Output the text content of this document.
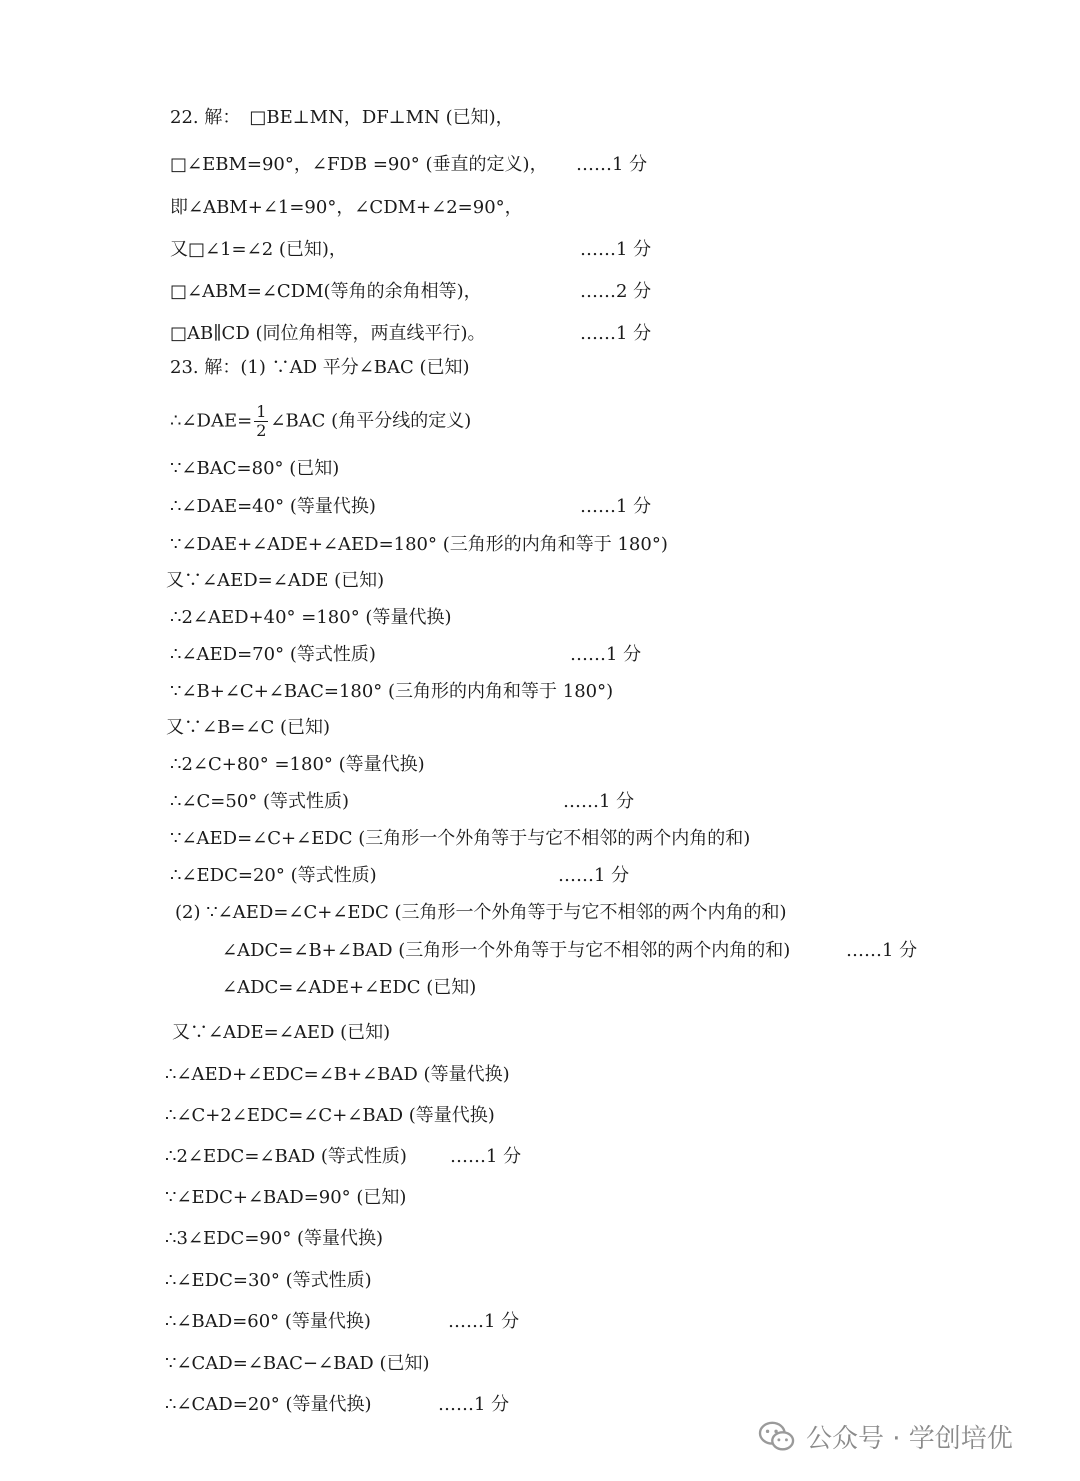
22. 解：　□BE⊥MN，DF⊥MN (已知)，
□∠EBM=90°，∠FDB =90° (垂直的定义)， ……1 分
即∠ABM+∠1=90°，∠CDM+∠2=90°，
又□∠1=∠2 (已知)，	……1 分
□∠ABM=∠CDM(等角的余角相等)，	……2 分
□AB∥CD (同位角相等，两直线平行)。	……1 分
23. 解：(1) ∵AD 平分∠BAC (已知)
∴∠DAE= $\frac{1}{2}$ ∠BAC (角平分线的定义)
∵∠BAC=80° (已知)
∴∠DAE=40° (等量代换)	……1 分
∵∠DAE+∠ADE+∠AED=180° (三角形的内角和等于 180°)
又∵∠AED=∠ADE (已知)
∴2∠AED+40° =180° (等量代换)
∴∠AED=70° (等式性质)	……1 分
∵∠B+∠C+∠BAC=180° (三角形的内角和等于 180°)
又∵∠B=∠C (已知)
∴2∠C+80° =180° (等量代换)
∴∠C=50° (等式性质)	……1 分
∵∠AED=∠C+∠EDC (三角形一个外角等于与它不相邻的两个内角的和)
∴∠EDC=20° (等式性质)	……1 分
(2) ∵∠AED=∠C+∠EDC (三角形一个外角等于与它不相邻的两个内角的和)
∠ADC=∠B+∠BAD (三角形一个外角等于与它不相邻的两个内角的和)	……1 分
∠ADC=∠ADE+∠EDC (已知)
又∵∠ADE=∠AED (已知)
∴∠AED+∠EDC=∠B+∠BAD (等量代换)
∴∠C+2∠EDC=∠C+∠BAD (等量代换)
∴2∠EDC=∠BAD (等式性质) ……1 分
∵∠EDC+∠BAD=90° (已知)
∴3∠EDC=90° (等量代换)
∴∠EDC=30° (等式性质)
∴∠BAD=60° (等量代换)	……1 分
∵∠CAD=∠BAC−∠BAD (已知)
∴∠CAD=20° (等量代换)	……1 分
公众号 · 学创培优
